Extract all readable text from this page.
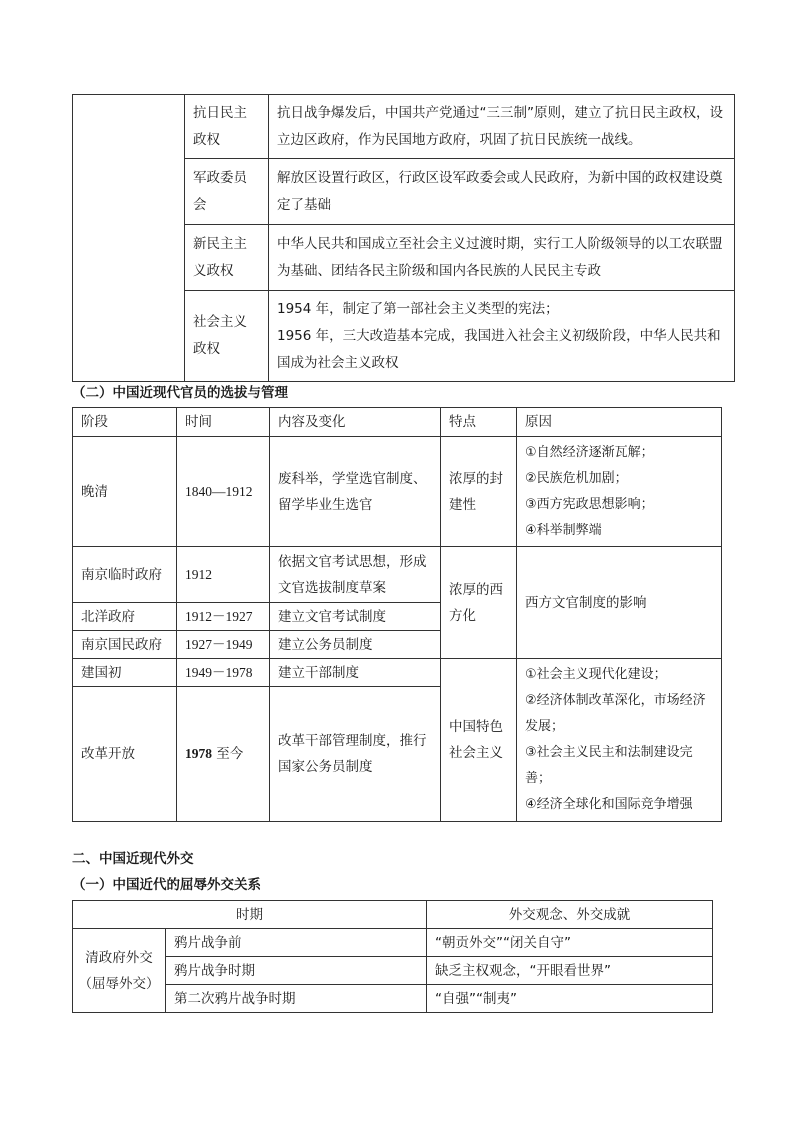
	抗日民主政权	抗日战争爆发后，中国共产党通过“三三制”原则，建立了抗日民主政权，设立边区政府，作为民国地方政府，巩固了抗日民族统一战线。
	军政委员会	解放区设置行政区，行政区设军政委会或人民政府，为新中国的政权建设奠定了基础
	新民主主义政权	中华人民共和国成立至社会主义过渡时期，实行工人阶级领导的以工农联盟为基础、团结各民主阶级和国内各民族的人民民主专政
	社会主义政权	1954 年，制定了第一部社会主义类型的宪法；
1956 年，三大改造基本完成，我国进入社会主义初级阶段，中华人民共和国成为社会主义政权
（二）中国近现代官员的选拔与管理
阶段	时间	内容及变化	特点	原因
晚清	1840—1912	废科举，学堂选官制度、留学毕业生选官	浓厚的封建性	①自然经济逐渐瓦解；
②民族危机加剧；
③西方宪政思想影响；
④科举制弊端

南京临时政府	1912	依据文官考试思想，形成文官选拔制度草案	浓厚的西方化	西方文官制度的影响
北洋政府	1912－1927	建立文官考试制度		
南京国民政府	1927－1949	建立公务员制度		
建国初	1949－1978	建立干部制度	中国特色社会主义	①社会主义现代化建设；
②经济体制改革深化，市场经济发展；
③社会主义民主和法制建设完善；
④经济全球化和国际竞争增强

改革开放	1978 至今	改革干部管理制度，推行国家公务员制度		
二、中国近现代外交
（一）中国近代的屈辱外交关系
时期		外交观念、外交成就
清政府外交（屈辱外交）	鸦片战争前	“朝贡外交”“闭关自守”
	鸦片战争时期	缺乏主权观念，“开眼看世界”
	第二次鸦片战争时期	“自强”“制夷”
